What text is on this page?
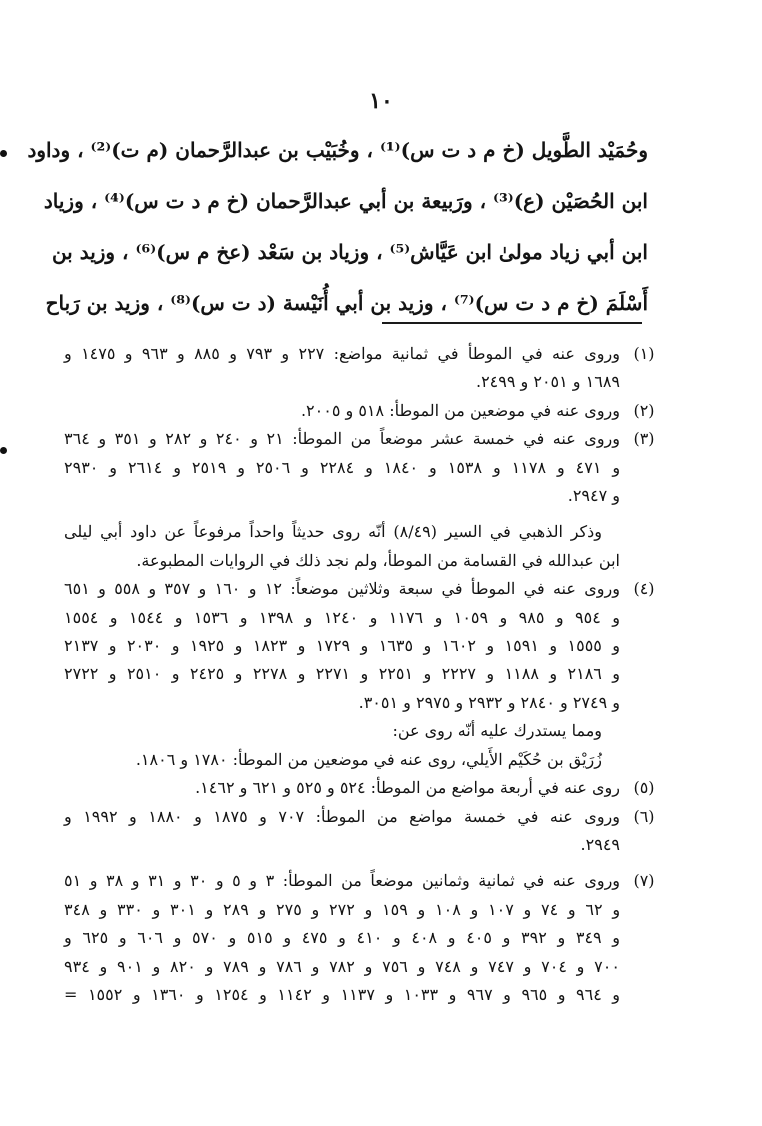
١٠
وحُمَيْد الطَّويل (خ م د ت س)⁽¹⁾ ، وخُبَيْب بن عبدالرَّحمان (م ت)⁽²⁾ ، وداود
ابن الحُصَيْن (ع)⁽³⁾ ، ورَبيعة بن أبي عبدالرَّحمان (خ م د ت س)⁽⁴⁾ ، وزياد
ابن أبي زياد مولىٰ ابن عَيَّاش⁽⁵⁾ ، وزياد بن سَعْد (عخ م س)⁽⁶⁾ ، وزيد بن
أَسْلَمَ (خ م د ت س)⁽⁷⁾ ، وزيد بن أبي أُنَيْسة (د ت س)⁽⁸⁾ ، وزيد بن رَباح
(١)
وروى عنه في الموطأ في ثمانية مواضع: ٢٢٧ و ٧٩٣ و ٨٨٥ و ٩٦٣ و ١٤٧٥ و
١٦٨٩ و ٢٠٥١ و ٢٤٩٩.
(٢)
وروى عنه في موضعين من الموطأ: ٥١٨ و ٢٠٠٥.
(٣)
وروى عنه في خمسة عشر موضعاً من الموطأ: ٢١ و ٢٤٠ و ٢٨٢ و ٣٥١ و ٣٦٤
و ٤٧١ و ١١٧٨ و ١٥٣٨ و ١٨٤٠ و ٢٢٨٤ و ٢٥٠٦ و ٢٥١٩ و ٢٦١٤ و ٢٩٣٠
و ٢٩٤٧.
وذكر الذهبي في السير (٨/٤٩) أنّه روى حديثاً واحداً مرفوعاً عن داود أبي ليلى
ابن عبدالله في القسامة من الموطأ، ولم نجد ذلك في الروايات المطبوعة.
(٤)
وروى عنه في الموطأ في سبعة وثلاثين موضعاً: ١٢ و ١٦٠ و ٣٥٧ و ٥٥٨ و ٦٥١
و ٩٥٤ و ٩٨٥ و ١٠٥٩ و ١١٧٦ و ١٢٤٠ و ١٣٩٨ و ١٥٣٦ و ١٥٤٤ و ١٥٥٤
و ١٥٥٥ و ١٥٩١ و ١٦٠٢ و ١٦٣٥ و ١٧٢٩ و ١٨٢٣ و ١٩٢٥ و ٢٠٣٠ و ٢١٣٧
و ٢١٨٦ و ١١٨٨ و ٢٢٢٧ و ٢٢٥١ و ٢٢٧١ و ٢٢٧٨ و ٢٤٢٥ و ٢٥١٠ و ٢٧٢٢
و ٢٧٤٩ و ٢٨٤٠ و ٢٩٣٢ و ٢٩٧٥ و ٣٠٥١.
ومما يستدرك عليه أنّه روى عن:
زُرَيْق بن حُكَيْم الأَيلي، روى عنه في موضعين من الموطأ: ١٧٨٠ و ١٨٠٦.
(٥)
روى عنه في أربعة مواضع من الموطأ: ٥٢٤ و ٥٢٥ و ٦٢١ و ١٤٦٢.
(٦)
وروى عنه في خمسة مواضع من الموطأ: ٧٠٧ و ١٨٧٥ و ١٨٨٠ و ١٩٩٢ و
٢٩٤٩.
(٧)
وروى عنه في ثمانية وثمانين موضعاً من الموطأ: ٣ و ٥ و ٣٠ و ٣١ و ٣٨ و ٥١
و ٦٢ و ٧٤ و ١٠٧ و ١٠٨ و ١٥٩ و ٢٧٢ و ٢٧٥ و ٢٨٩ و ٣٠١ و ٣٣٠ و ٣٤٨
و ٣٤٩ و ٣٩٢ و ٤٠٥ و ٤٠٨ و ٤١٠ و ٤٧٥ و ٥١٥ و ٥٧٠ و ٦٠٦ و ٦٢٥ و
٧٠٠ و ٧٠٤ و ٧٤٧ و ٧٤٨ و ٧٥٦ و ٧٨٢ و ٧٨٦ و ٧٨٩ و ٨٢٠ و ٩٠١ و ٩٣٤
و ٩٦٤ و ٩٦٥ و ٩٦٧ و ١٠٣٣ و ١١٣٧ و ١١٤٢ و ١٢٥٤ و ١٣٦٠ و ١٥٥٢ =
